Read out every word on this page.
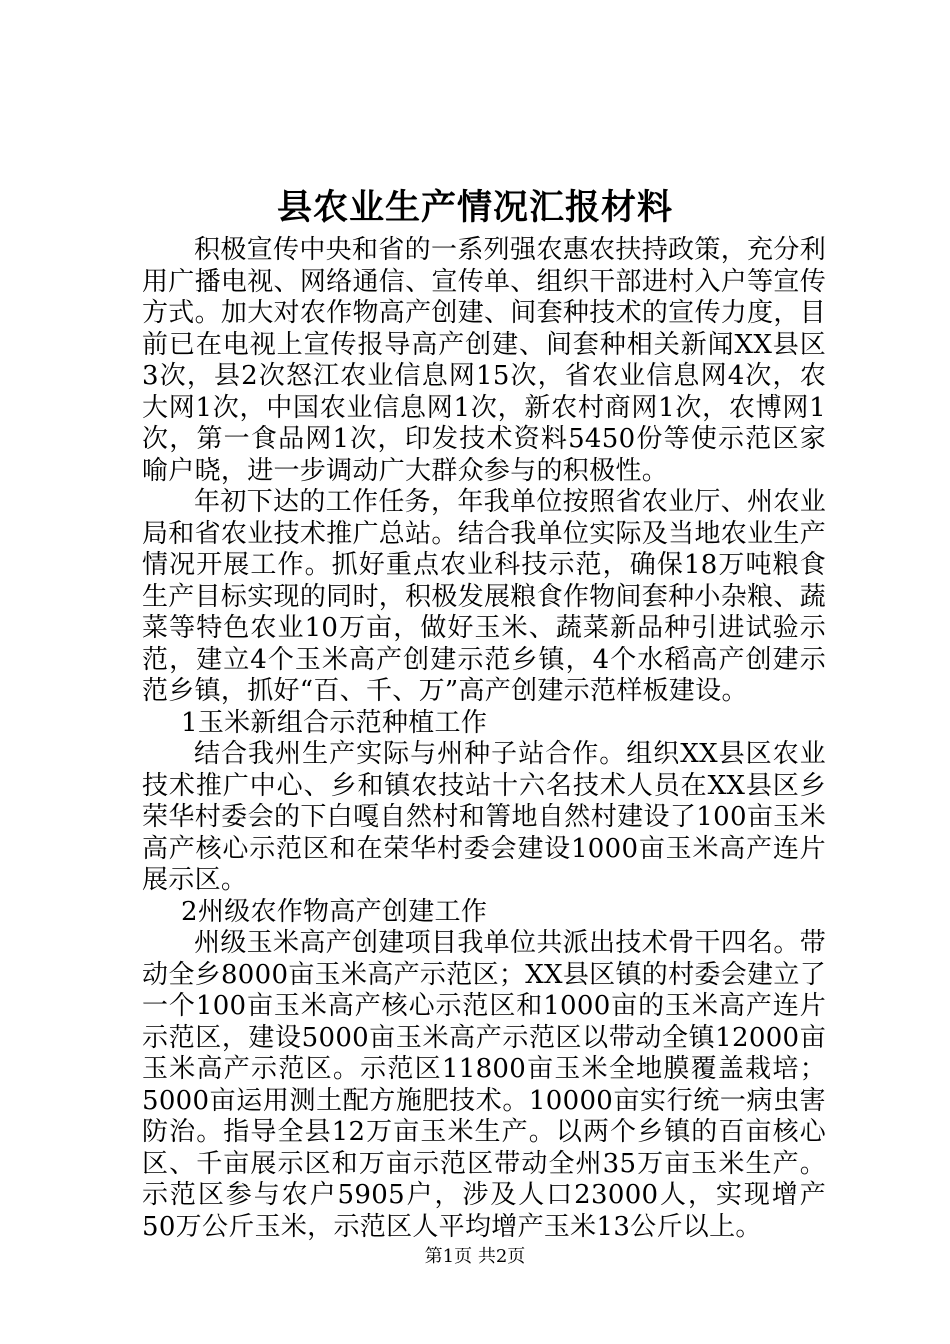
县农业生产情况汇报材料

积极宣传中央和省的一系列强农惠农扶持政策，充分利用广播电视、网络通信、宣传单、组织干部进村入户等宣传方式。加大对农作物高产创建、间套种技术的宣传力度，目前已在电视上宣传报导高产创建、间套种相关新闻XX县区3次，县2次怒江农业信息网15次，省农业信息网4次，农大网1次，中国农业信息网1次，新农村商网1次，农博网1次，第一食品网1次，印发技术资料5450份等使示范区家喻户晓，进一步调动广大群众参与的积极性。

年初下达的工作任务，年我单位按照省农业厅、州农业局和省农业技术推广总站。结合我单位实际及当地农业生产情况开展工作。抓好重点农业科技示范，确保18万吨粮食生产目标实现的同时，积极发展粮食作物间套种小杂粮、蔬菜等特色农业10万亩，做好玉米、蔬菜新品种引进试验示范，建立4个玉米高产创建示范乡镇，4个水稻高产创建示范乡镇，抓好“百、千、万”高产创建示范样板建设。

1玉米新组合示范种植工作

结合我州生产实际与州种子站合作。组织XX县区农业技术推广中心、乡和镇农技站十六名技术人员在XX县区乡荣华村委会的下白嘎自然村和箐地自然村建设了100亩玉米高产核心示范区和在荣华村委会建设1000亩玉米高产连片展示区。

2州级农作物高产创建工作

州级玉米高产创建项目我单位共派出技术骨干四名。带动全乡8000亩玉米高产示范区；XX县区镇的村委会建立了一个100亩玉米高产核心示范区和1000亩的玉米高产连片示范区，建设5000亩玉米高产示范区以带动全镇12000亩玉米高产示范区。示范区11800亩玉米全地膜覆盖栽培；5000亩运用测土配方施肥技术。10000亩实行统一病虫害防治。指导全县12万亩玉米生产。以两个乡镇的百亩核心区、千亩展示区和万亩示范区带动全州35万亩玉米生产。示范区参与农户5905户，涉及人口23000人，实现增产50万公斤玉米，示范区人平均增产玉米13公斤以上。

第1页 共2页
